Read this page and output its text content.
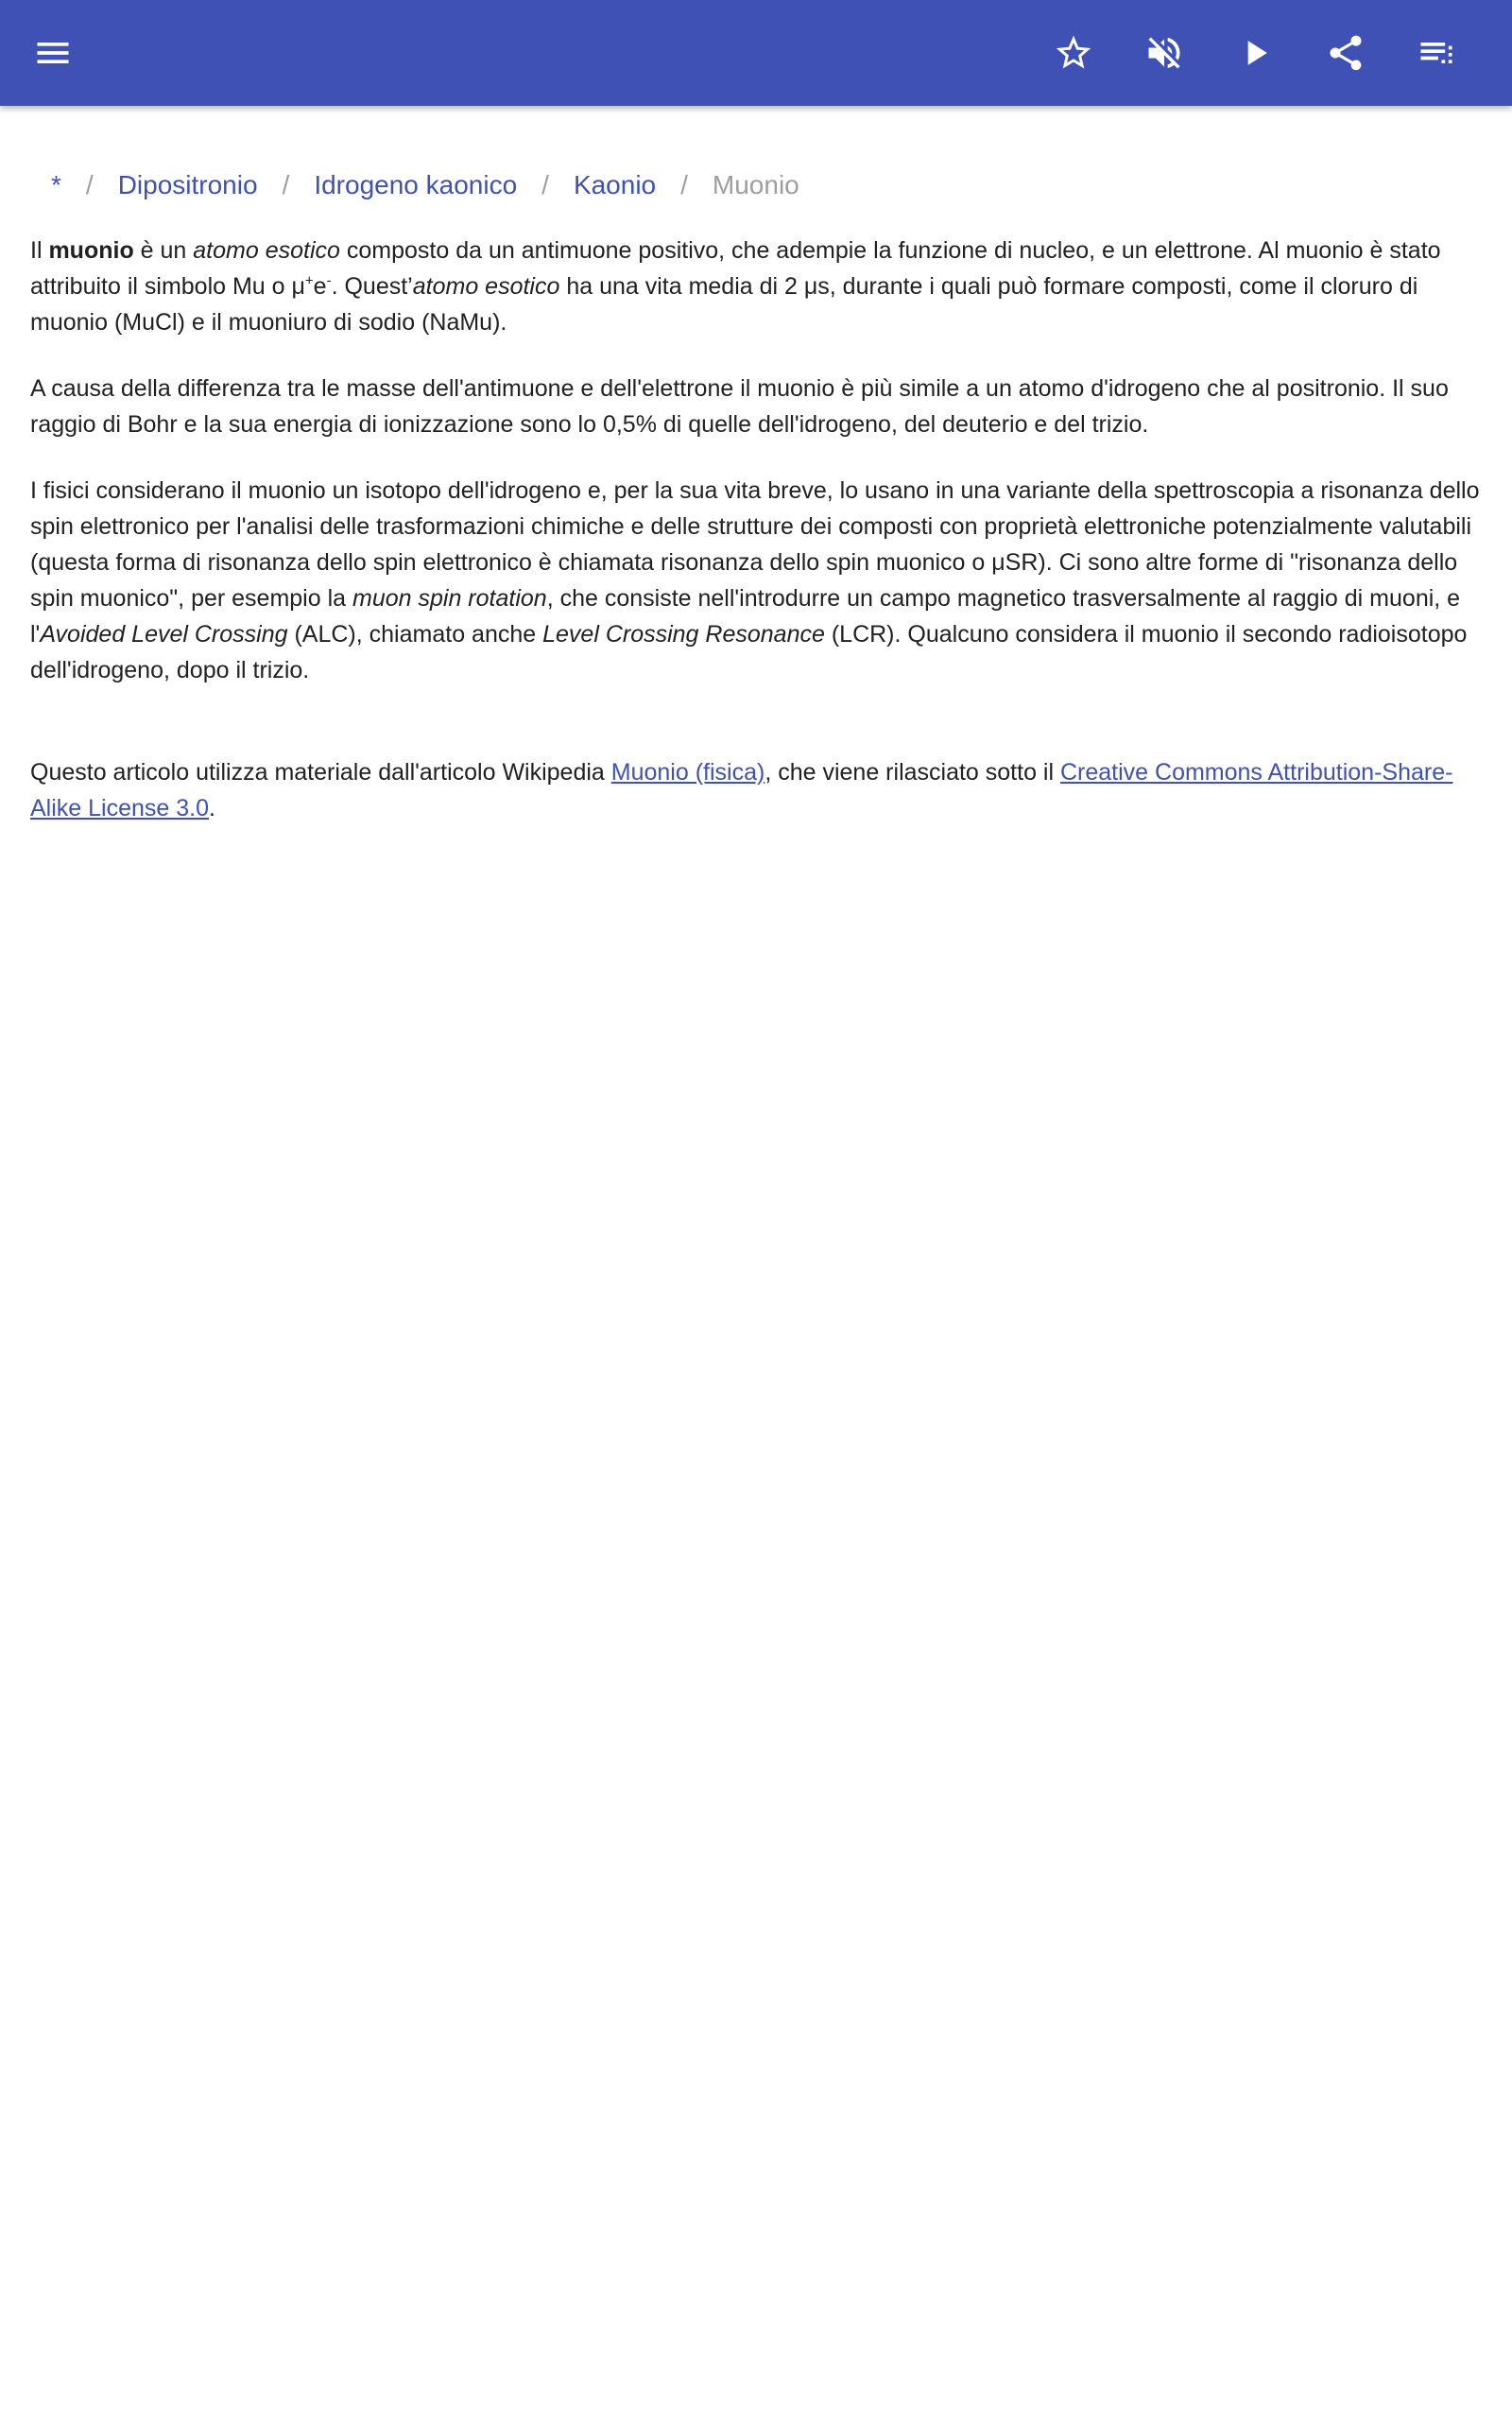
* / Dipositronio / Idrogeno kaonico / Kaonio / Muonio

Il muonio è un atomo esotico composto da un antimuone positivo, che adempie la funzione di nucleo, e un elettrone. Al muonio è stato attribuito il simbolo Mu o μ+e-. Quest’atomo esotico ha una vita media di 2 μs, durante i quali può formare composti, come il cloruro di muonio (MuCl) e il muoniuro di sodio (NaMu).

A causa della differenza tra le masse dell'antimuone e dell'elettrone il muonio è più simile a un atomo d'idrogeno che al positronio. Il suo raggio di Bohr e la sua energia di ionizzazione sono lo 0,5% di quelle dell'idrogeno, del deuterio e del trizio.

I fisici considerano il muonio un isotopo dell'idrogeno e, per la sua vita breve, lo usano in una variante della spettroscopia a risonanza dello spin elettronico per l'analisi delle trasformazioni chimiche e delle strutture dei composti con proprietà elettroniche potenzialmente valutabili (questa forma di risonanza dello spin elettronico è chiamata risonanza dello spin muonico o μSR). Ci sono altre forme di "risonanza dello spin muonico", per esempio la muon spin rotation, che consiste nell'introdurre un campo magnetico trasversalmente al raggio di muoni, e l'Avoided Level Crossing (ALC), chiamato anche Level Crossing Resonance (LCR). Qualcuno considera il muonio il secondo radioisotopo dell'idrogeno, dopo il trizio.

Questo articolo utilizza materiale dall'articolo Wikipedia Muonio (fisica), che viene rilasciato sotto il Creative Commons Attribution-Share-Alike License 3.0.
